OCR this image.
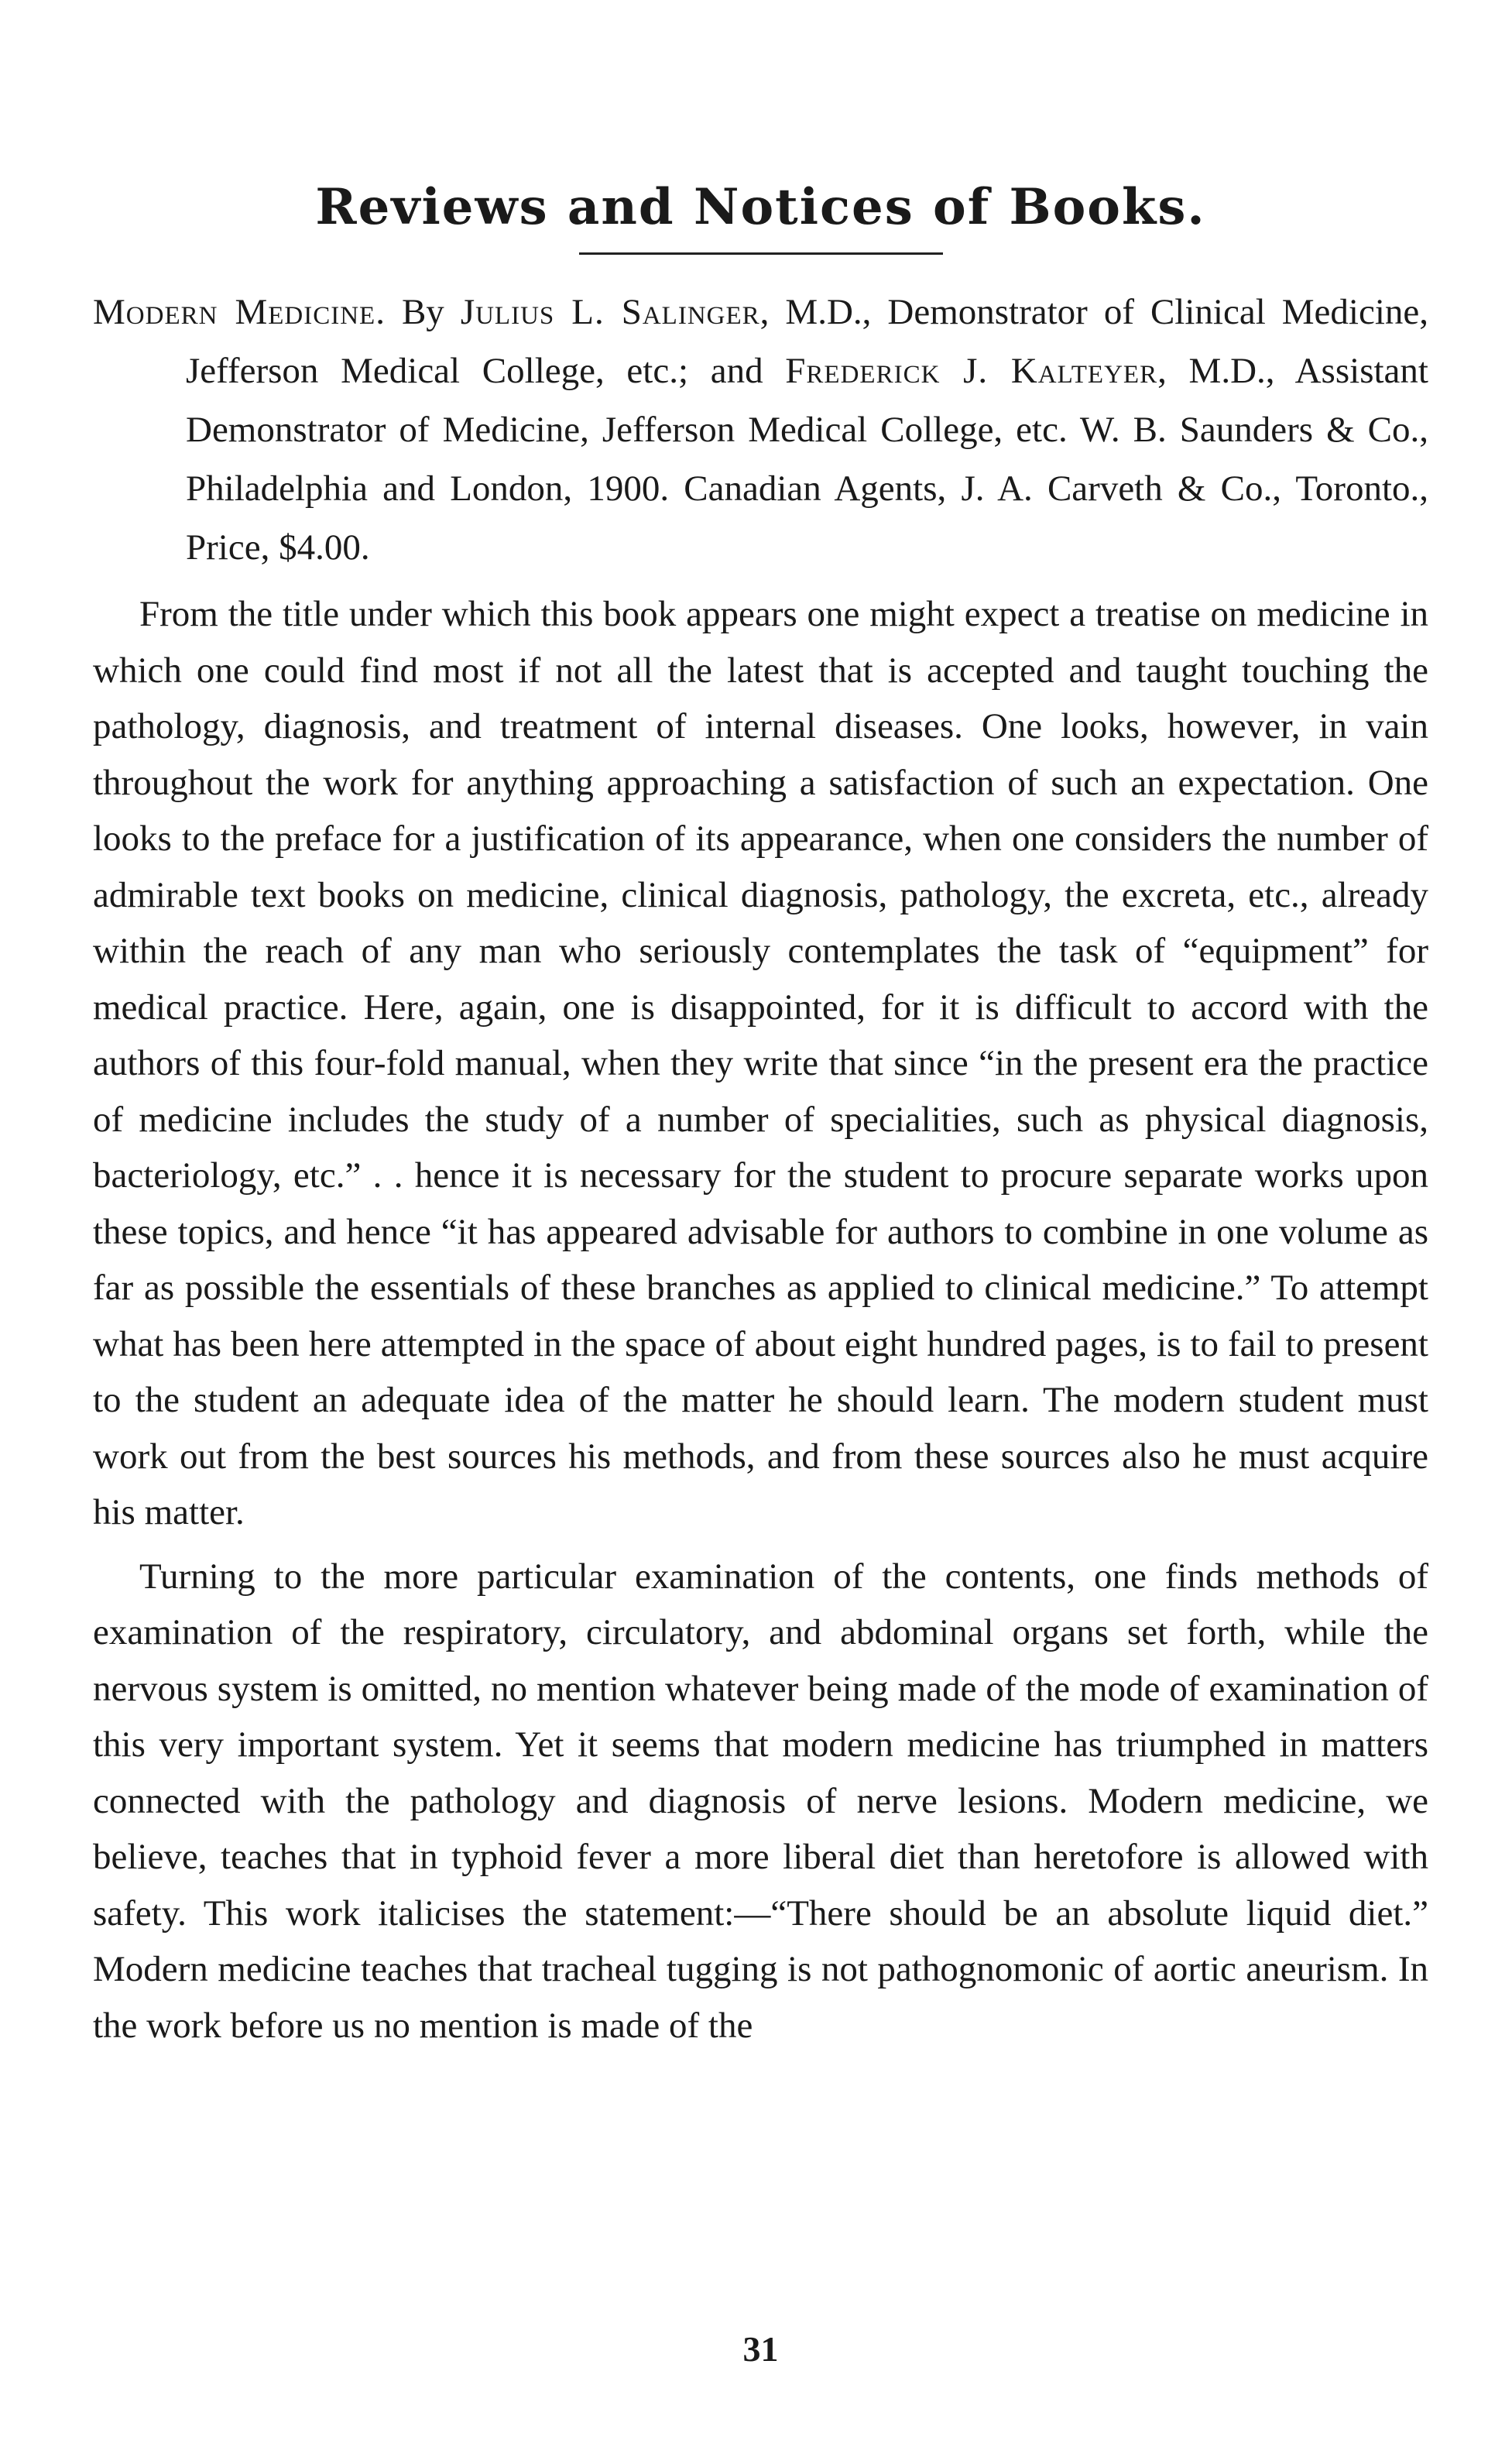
Reviews and Notices of Books.

Modern Medicine. By Julius L. Salinger, M.D., Demonstrator of Clinical Medicine, Jefferson Medical College, etc.; and Frederick J. Kalteyer, M.D., Assistant Demonstrator of Medicine, Jefferson Medical College, etc. W. B. Saunders & Co., Philadelphia and London, 1900. Canadian Agents, J. A. Carveth & Co., Toronto., Price, $4.00.

From the title under which this book appears one might expect a treatise on medicine in which one could find most if not all the latest that is accepted and taught touching the pathology, diagnosis, and treatment of internal diseases. One looks, however, in vain throughout the work for anything approaching a satisfaction of such an expectation. One looks to the preface for a justification of its appearance, when one considers the number of admirable text books on medicine, clinical diagnosis, pathology, the excreta, etc., already within the reach of any man who seriously contemplates the task of “equipment” for medical practice. Here, again, one is disappointed, for it is difficult to accord with the authors of this four-fold manual, when they write that since “in the present era the practice of medicine includes the study of a number of specialities, such as physical diagnosis, bacteriology, etc.” . . hence it is necessary for the student to procure separate works upon these topics, and hence “it has appeared advisable for authors to combine in one volume as far as possible the essentials of these branches as applied to clinical medicine.” To attempt what has been here attempted in the space of about eight hundred pages, is to fail to present to the student an adequate idea of the matter he should learn. The modern student must work out from the best sources his methods, and from these sources also he must acquire his matter.

Turning to the more particular examination of the contents, one finds methods of examination of the respiratory, circulatory, and abdominal organs set forth, while the nervous system is omitted, no mention whatever being made of the mode of examination of this very important system. Yet it seems that modern medicine has triumphed in matters connected with the pathology and diagnosis of nerve lesions. Modern medicine, we believe, teaches that in typhoid fever a more liberal diet than heretofore is allowed with safety. This work italicises the statement:—“There should be an absolute liquid diet.” Modern medicine teaches that tracheal tugging is not pathognomonic of aortic aneurism. In the work before us no mention is made of the

31
